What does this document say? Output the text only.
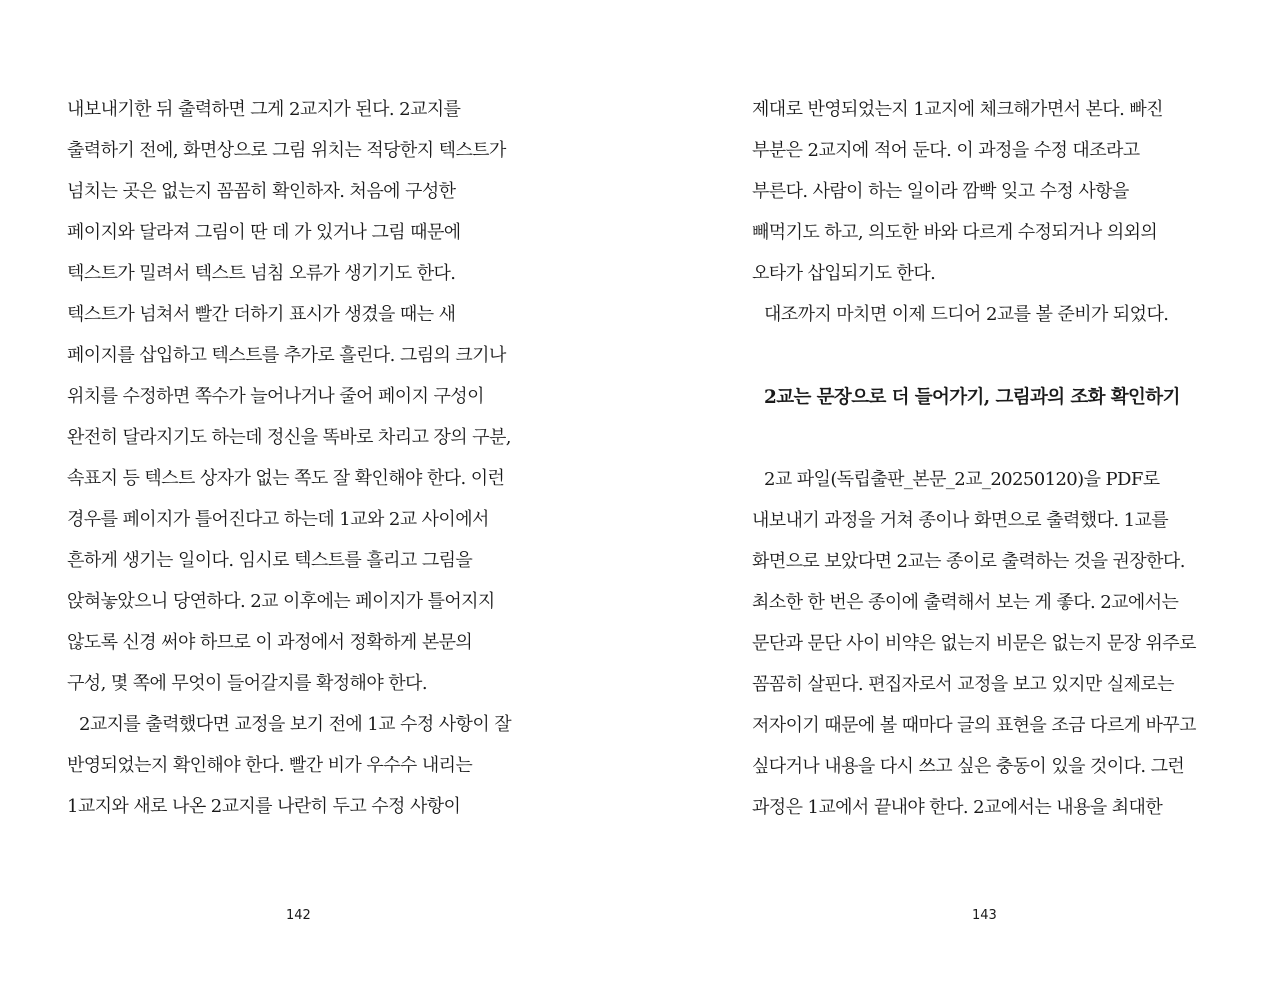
내보내기한 뒤 출력하면 그게 2교지가 된다. 2교지를
출력하기 전에, 화면상으로 그림 위치는 적당한지 텍스트가
넘치는 곳은 없는지 꼼꼼히 확인하자. 처음에 구성한
페이지와 달라져 그림이 딴 데 가 있거나 그림 때문에
텍스트가 밀려서 텍스트 넘침 오류가 생기기도 한다.
텍스트가 넘쳐서 빨간 더하기 표시가 생겼을 때는 새
페이지를 삽입하고 텍스트를 추가로 흘린다. 그림의 크기나
위치를 수정하면 쪽수가 늘어나거나 줄어 페이지 구성이
완전히 달라지기도 하는데 정신을 똑바로 차리고 장의 구분,
속표지 등 텍스트 상자가 없는 쪽도 잘 확인해야 한다. 이런
경우를 페이지가 틀어진다고 하는데 1교와 2교 사이에서
흔하게 생기는 일이다. 임시로 텍스트를 흘리고 그림을
앉혀놓았으니 당연하다. 2교 이후에는 페이지가 틀어지지
않도록 신경 써야 하므로 이 과정에서 정확하게 본문의
구성, 몇 쪽에 무엇이 들어갈지를 확정해야 한다.
2교지를 출력했다면 교정을 보기 전에 1교 수정 사항이 잘
반영되었는지 확인해야 한다. 빨간 비가 우수수 내리는
1교지와 새로 나온 2교지를 나란히 두고 수정 사항이
142
제대로 반영되었는지 1교지에 체크해가면서 본다. 빠진
부분은 2교지에 적어 둔다. 이 과정을 수정 대조라고
부른다. 사람이 하는 일이라 깜빡 잊고 수정 사항을
빼먹기도 하고, 의도한 바와 다르게 수정되거나 의외의
오타가 삽입되기도 한다.
대조까지 마치면 이제 드디어 2교를 볼 준비가 되었다.
2교는 문장으로 더 들어가기, 그림과의 조화 확인하기
2교 파일(독립출판_본문_2교_20250120)을 PDF로
내보내기 과정을 거쳐 종이나 화면으로 출력했다. 1교를
화면으로 보았다면 2교는 종이로 출력하는 것을 권장한다.
최소한 한 번은 종이에 출력해서 보는 게 좋다. 2교에서는
문단과 문단 사이 비약은 없는지 비문은 없는지 문장 위주로
꼼꼼히 살핀다. 편집자로서 교정을 보고 있지만 실제로는
저자이기 때문에 볼 때마다 글의 표현을 조금 다르게 바꾸고
싶다거나 내용을 다시 쓰고 싶은 충동이 있을 것이다. 그런
과정은 1교에서 끝내야 한다. 2교에서는 내용을 최대한
143
